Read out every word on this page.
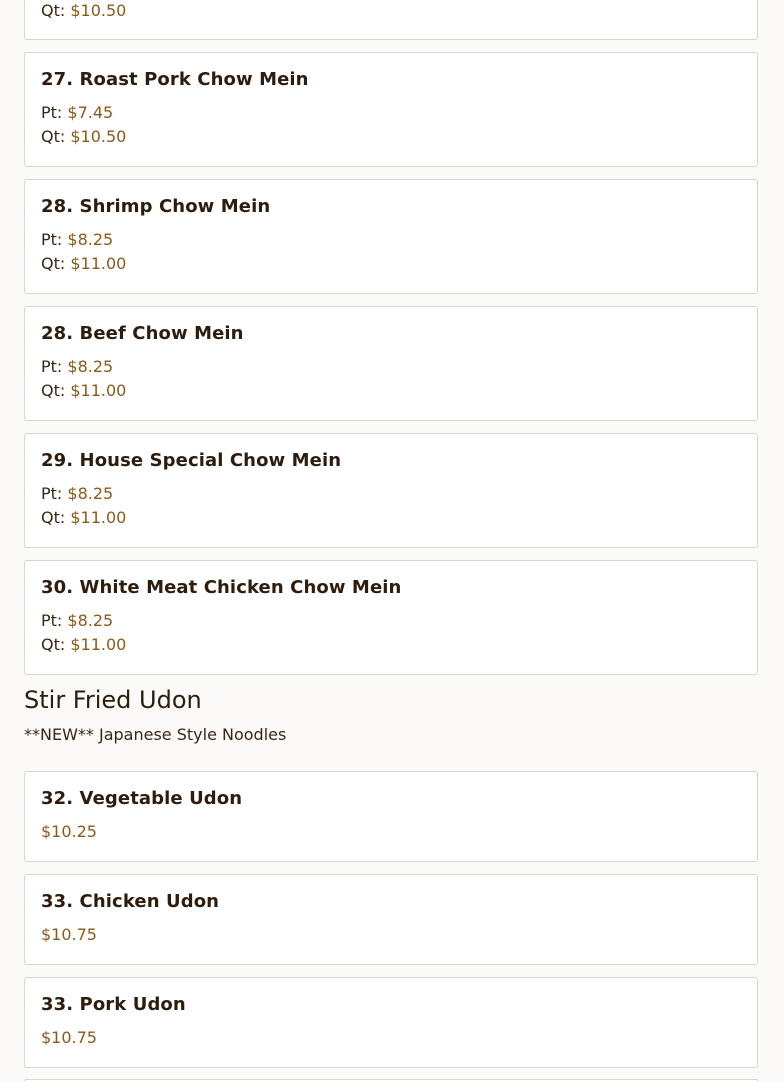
Qt: $10.50
27. Roast Pork Chow Mein
Pt: $7.45
Qt: $10.50
28. Shrimp Chow Mein
Pt: $8.25
Qt: $11.00
28. Beef Chow Mein
Pt: $8.25
Qt: $11.00
29. House Special Chow Mein
Pt: $8.25
Qt: $11.00
30. White Meat Chicken Chow Mein
Pt: $8.25
Qt: $11.00
Stir Fried Udon
**NEW** Japanese Style Noodles
32. Vegetable Udon
$10.25
33. Chicken Udon
$10.75
33. Pork Udon
$10.75
